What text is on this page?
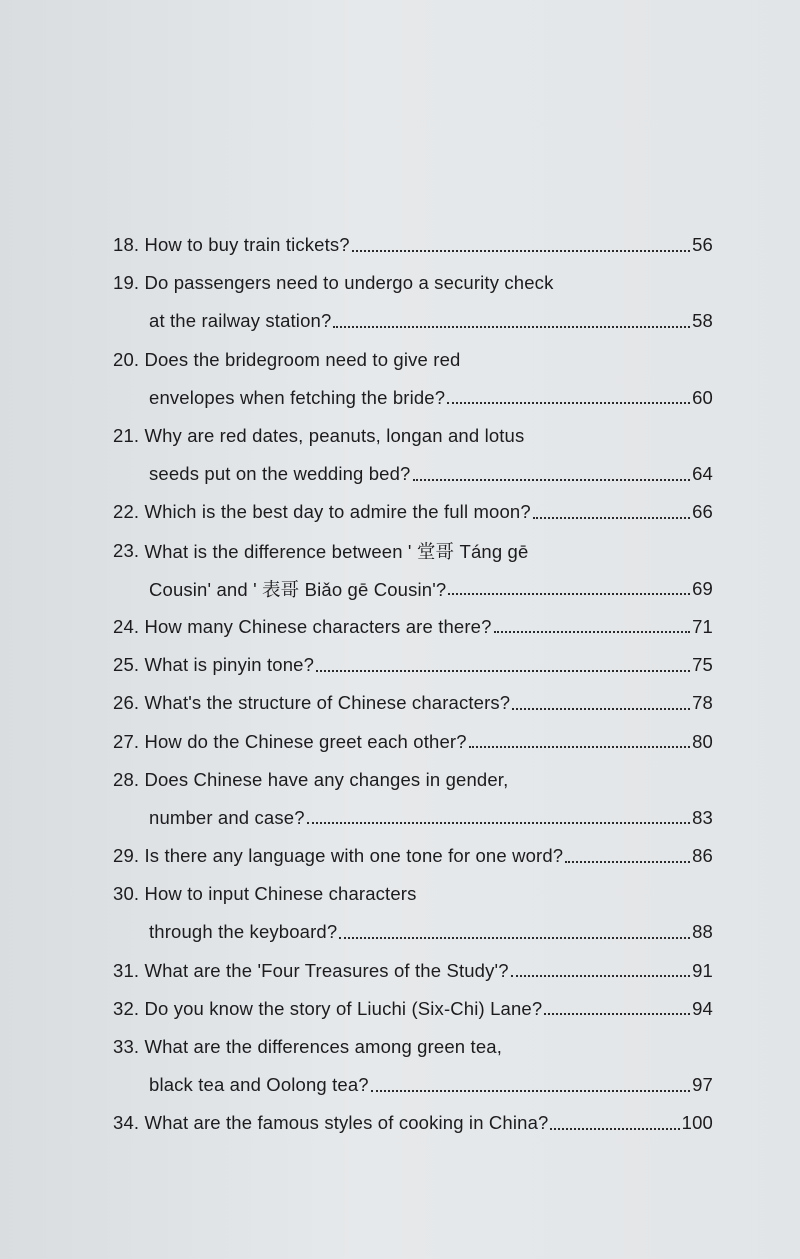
18.
How to buy train tickets?	56
19.
Do passengers need to undergo a security check
at the railway station?	58
20.
Does the bridegroom need to give red
envelopes when fetching the bride?	60
21.
Why are red dates, peanuts, longan and lotus
seeds put on the wedding bed?	64
22.
Which is the best day to admire the full moon?	66
23.
What is the difference between ' 堂哥 Táng gē
Cousin' and ' 表哥 Biǎo gē Cousin'?	69
24.
How many Chinese characters are there?	71
25.
What is pinyin tone?	75
26.
What's the structure of Chinese characters?	78
27.
How do the Chinese greet each other?	80
28.
Does Chinese have any changes in gender,
number and case?	83
29.
Is there any language with one tone for one word?	86
30.
How to input Chinese characters
through the keyboard?	88
31.
What are the 'Four Treasures of the Study'?	91
32.
Do you know the story of Liuchi (Six-Chi) Lane?	94
33.
What are the differences among green tea,
black tea and Oolong tea?	97
34.
What are the famous styles of cooking in China?	100
